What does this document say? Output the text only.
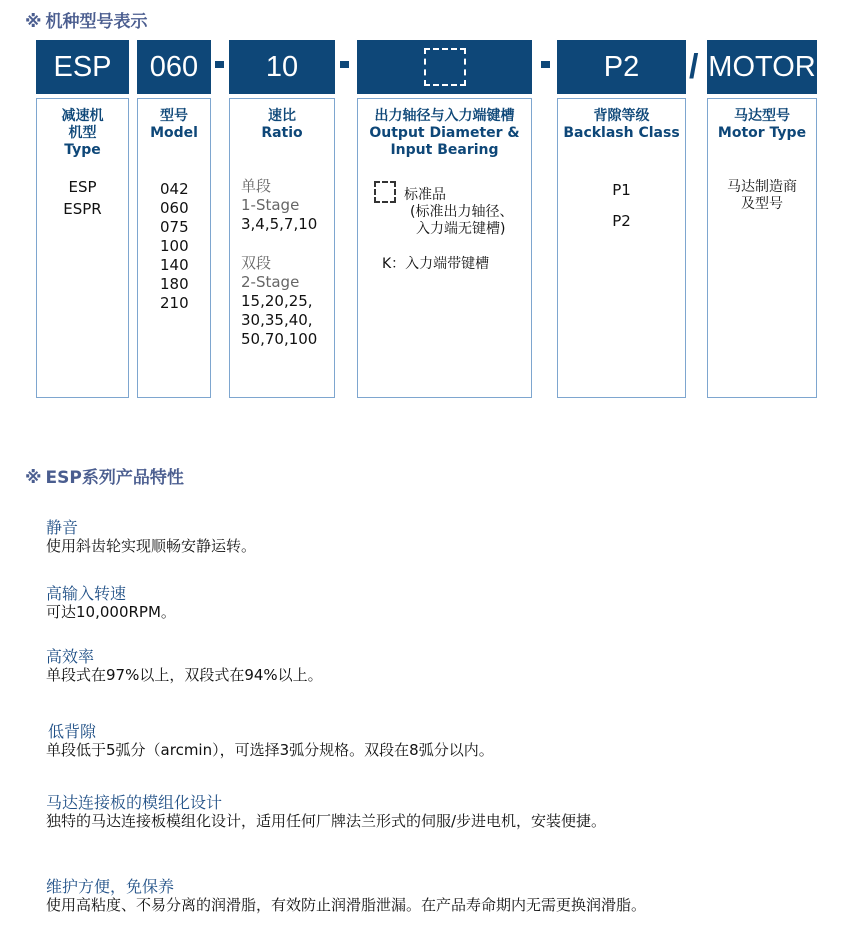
※ 机种型号表示
ESP	060	10	P2	/ MOTOR
减速机
机型
Type
ESP
ESPR
型号
Model
042
060
075
100
140
180
210
速比
Ratio
单段
1-Stage
3,4,5,7,10
双段
2-Stage
15,20,25,
30,35,40,
50,70,100
出力轴径与入力端键槽
Output Diameter &
Input Bearing
标准品
(标准出力轴径、
入力端无键槽)
K：入力端带键槽
背隙等级
Backlash Class
P1
P2
马达型号
Motor Type
马达制造商
及型号
※ ESP系列产品特性
静音
使用斜齿轮实现顺畅安静运转。
高输入转速
可达10,000RPM。
高效率
单段式在97%以上，双段式在94%以上。
低背隙
单段低于5弧分（arcmin），可选择3弧分规格。双段在8弧分以内。
马达连接板的模组化设计
独特的马达连接板模组化设计，适用任何厂牌法兰形式的伺服/步进电机，安装便捷。
维护方便，免保养
使用高粘度、不易分离的润滑脂，有效防止润滑脂泄漏。在产品寿命期内无需更换润滑脂。
